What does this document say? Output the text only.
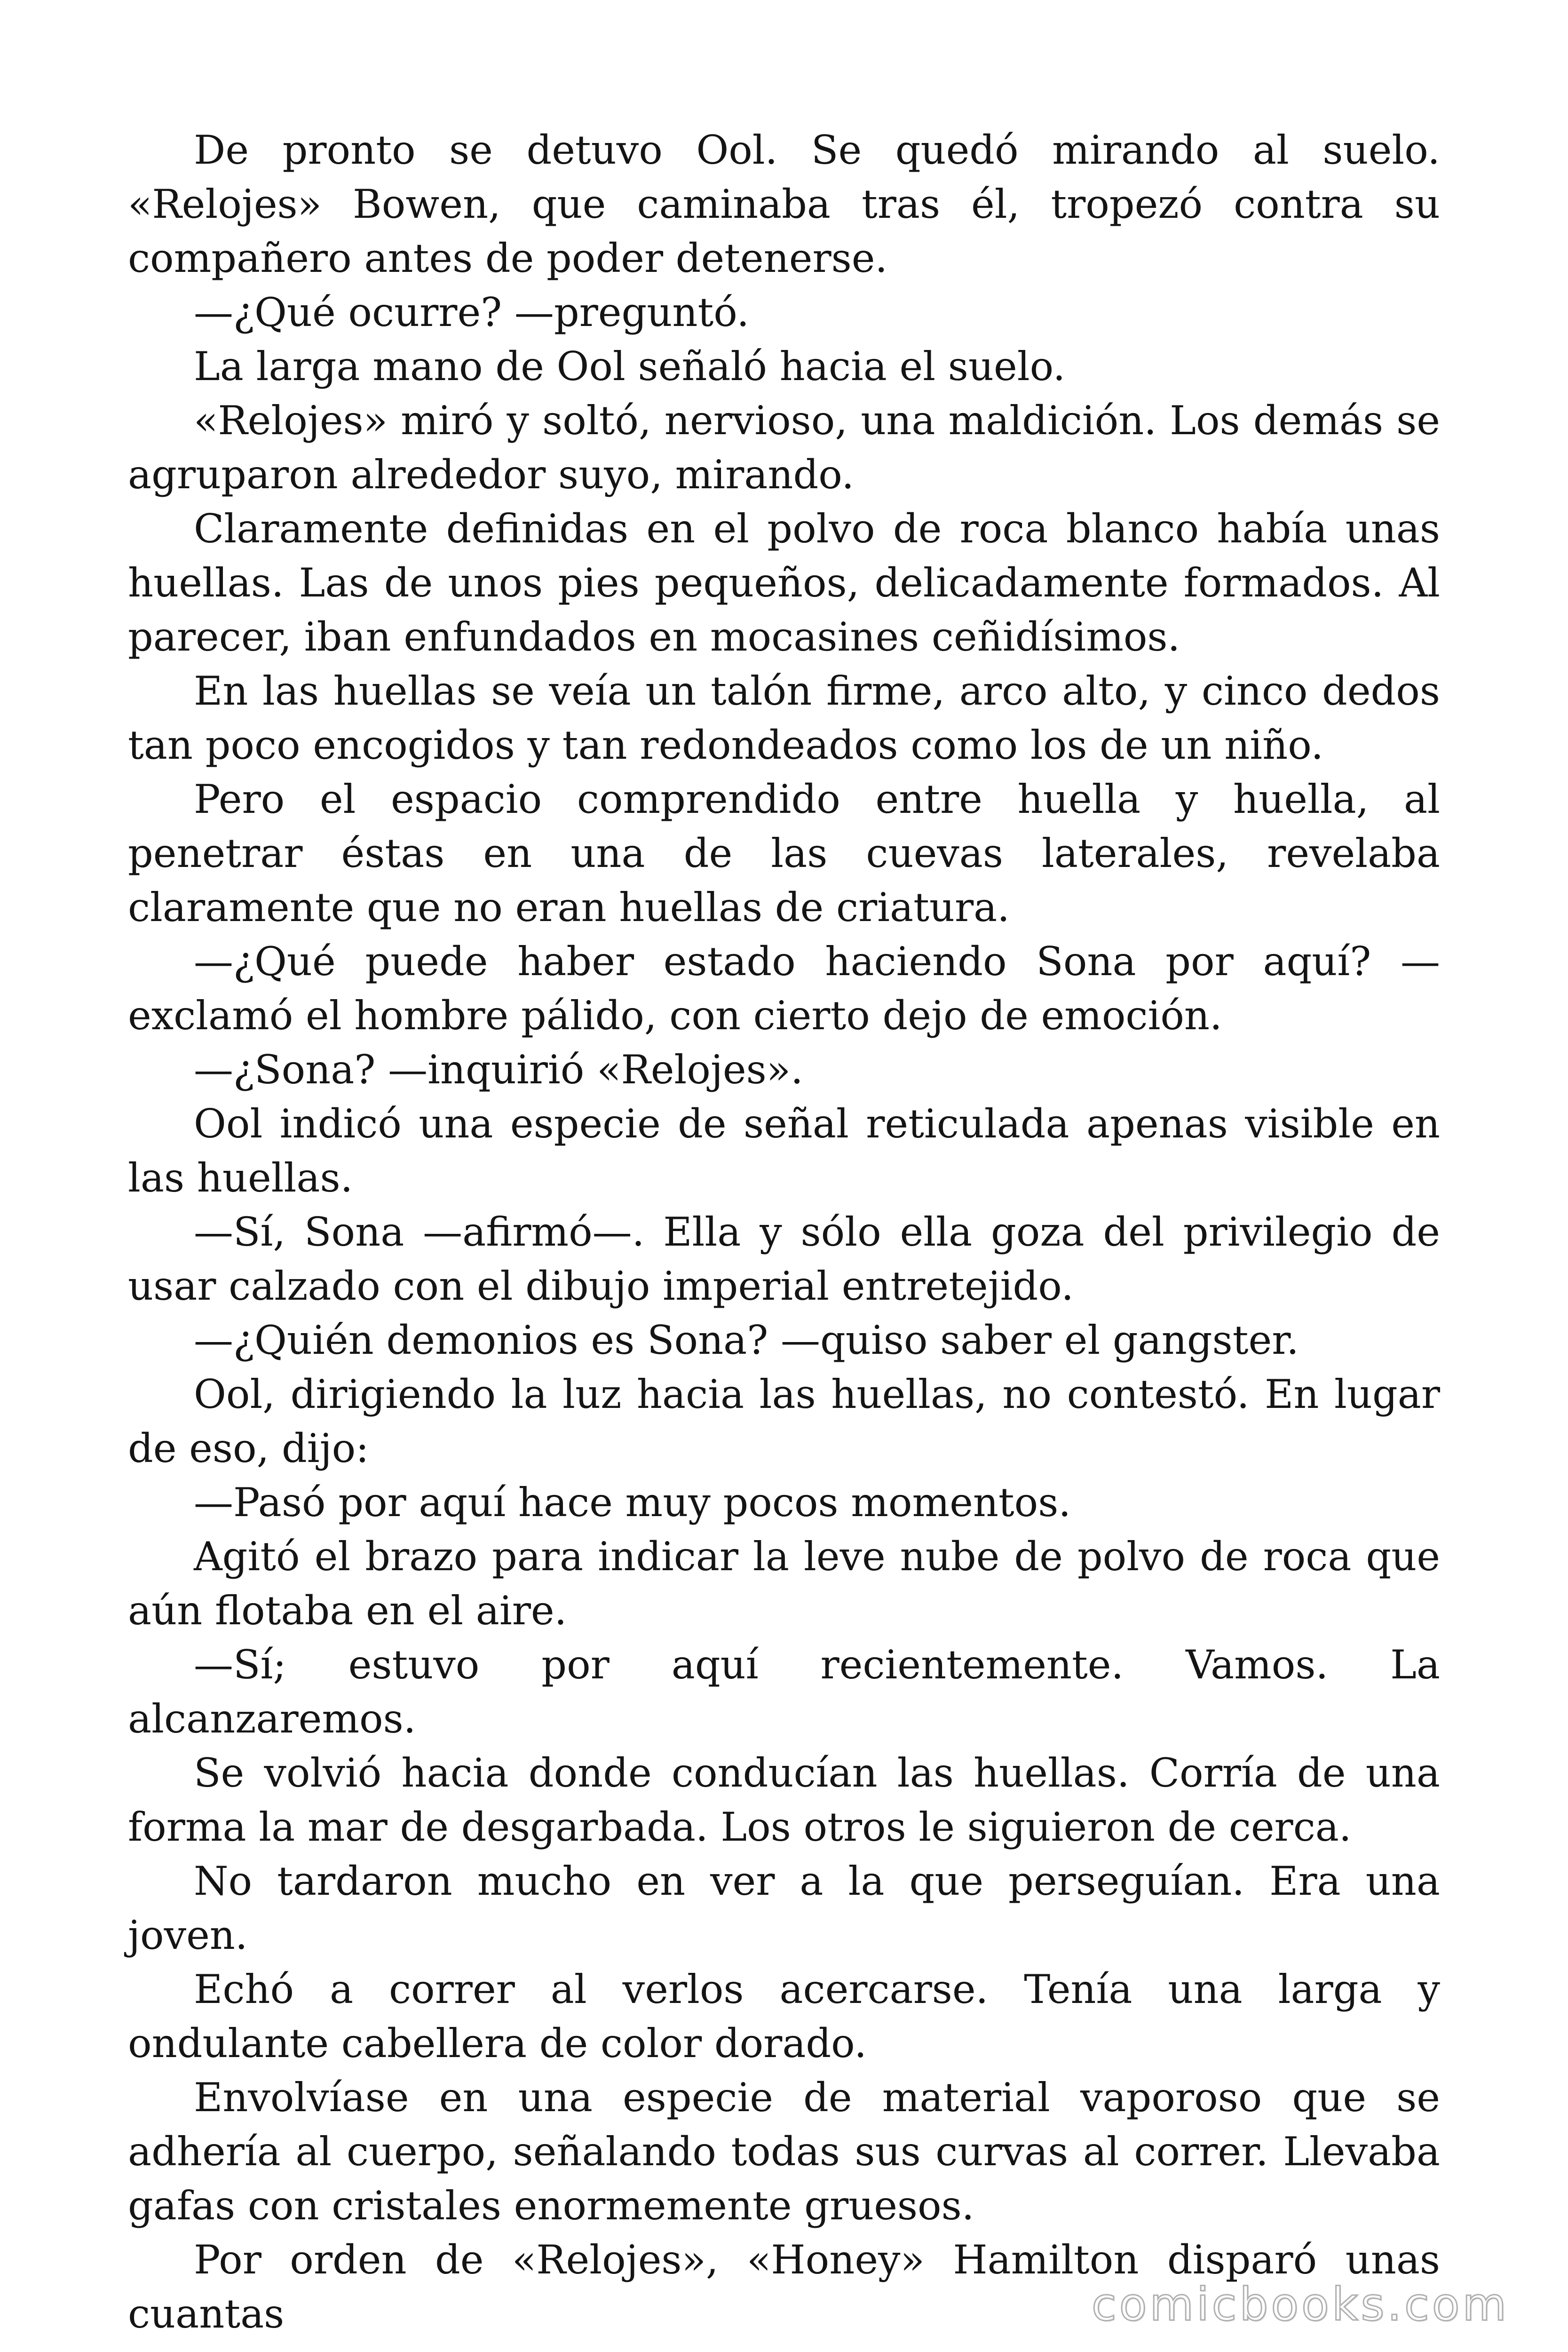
De pronto se detuvo Ool. Se quedó mirando al suelo. «Relojes» Bowen, que caminaba tras él, tropezó contra su compañero antes de poder detenerse.

—¿Qué ocurre? —preguntó.

La larga mano de Ool señaló hacia el suelo.

«Relojes» miró y soltó, nervioso, una maldición. Los demás se agruparon alrededor suyo, mirando.

Claramente definidas en el polvo de roca blanco había unas huellas. Las de unos pies pequeños, delicadamente formados. Al parecer, iban enfundados en mocasines ceñidísimos.

En las huellas se veía un talón firme, arco alto, y cinco dedos tan poco encogidos y tan redondeados como los de un niño.

Pero el espacio comprendido entre huella y huella, al penetrar éstas en una de las cuevas laterales, revelaba claramente que no eran huellas de criatura.

—¿Qué puede haber estado haciendo Sona por aquí? —exclamó el hombre pálido, con cierto dejo de emoción.

—¿Sona? —inquirió «Relojes».

Ool indicó una especie de señal reticulada apenas visible en las huellas.

—Sí, Sona —afirmó—. Ella y sólo ella goza del privilegio de usar calzado con el dibujo imperial entretejido.

—¿Quién demonios es Sona? —quiso saber el gangster.

Ool, dirigiendo la luz hacia las huellas, no contestó. En lugar de eso, dijo:

—Pasó por aquí hace muy pocos momentos.

Agitó el brazo para indicar la leve nube de polvo de roca que aún flotaba en el aire.

—Sí; estuvo por aquí recientemente. Vamos. La alcanzaremos.

Se volvió hacia donde conducían las huellas. Corría de una forma la mar de desgarbada. Los otros le siguieron de cerca.

No tardaron mucho en ver a la que perseguían. Era una joven.

Echó a correr al verlos acercarse. Tenía una larga y ondulante cabellera de color dorado.

Envolvíase en una especie de material vaporoso que se adhería al cuerpo, señalando todas sus curvas al correr. Llevaba gafas con cristales enormemente gruesos.

Por orden de «Relojes», «Honey» Hamilton disparó unas cuantas	comicbooks.com
